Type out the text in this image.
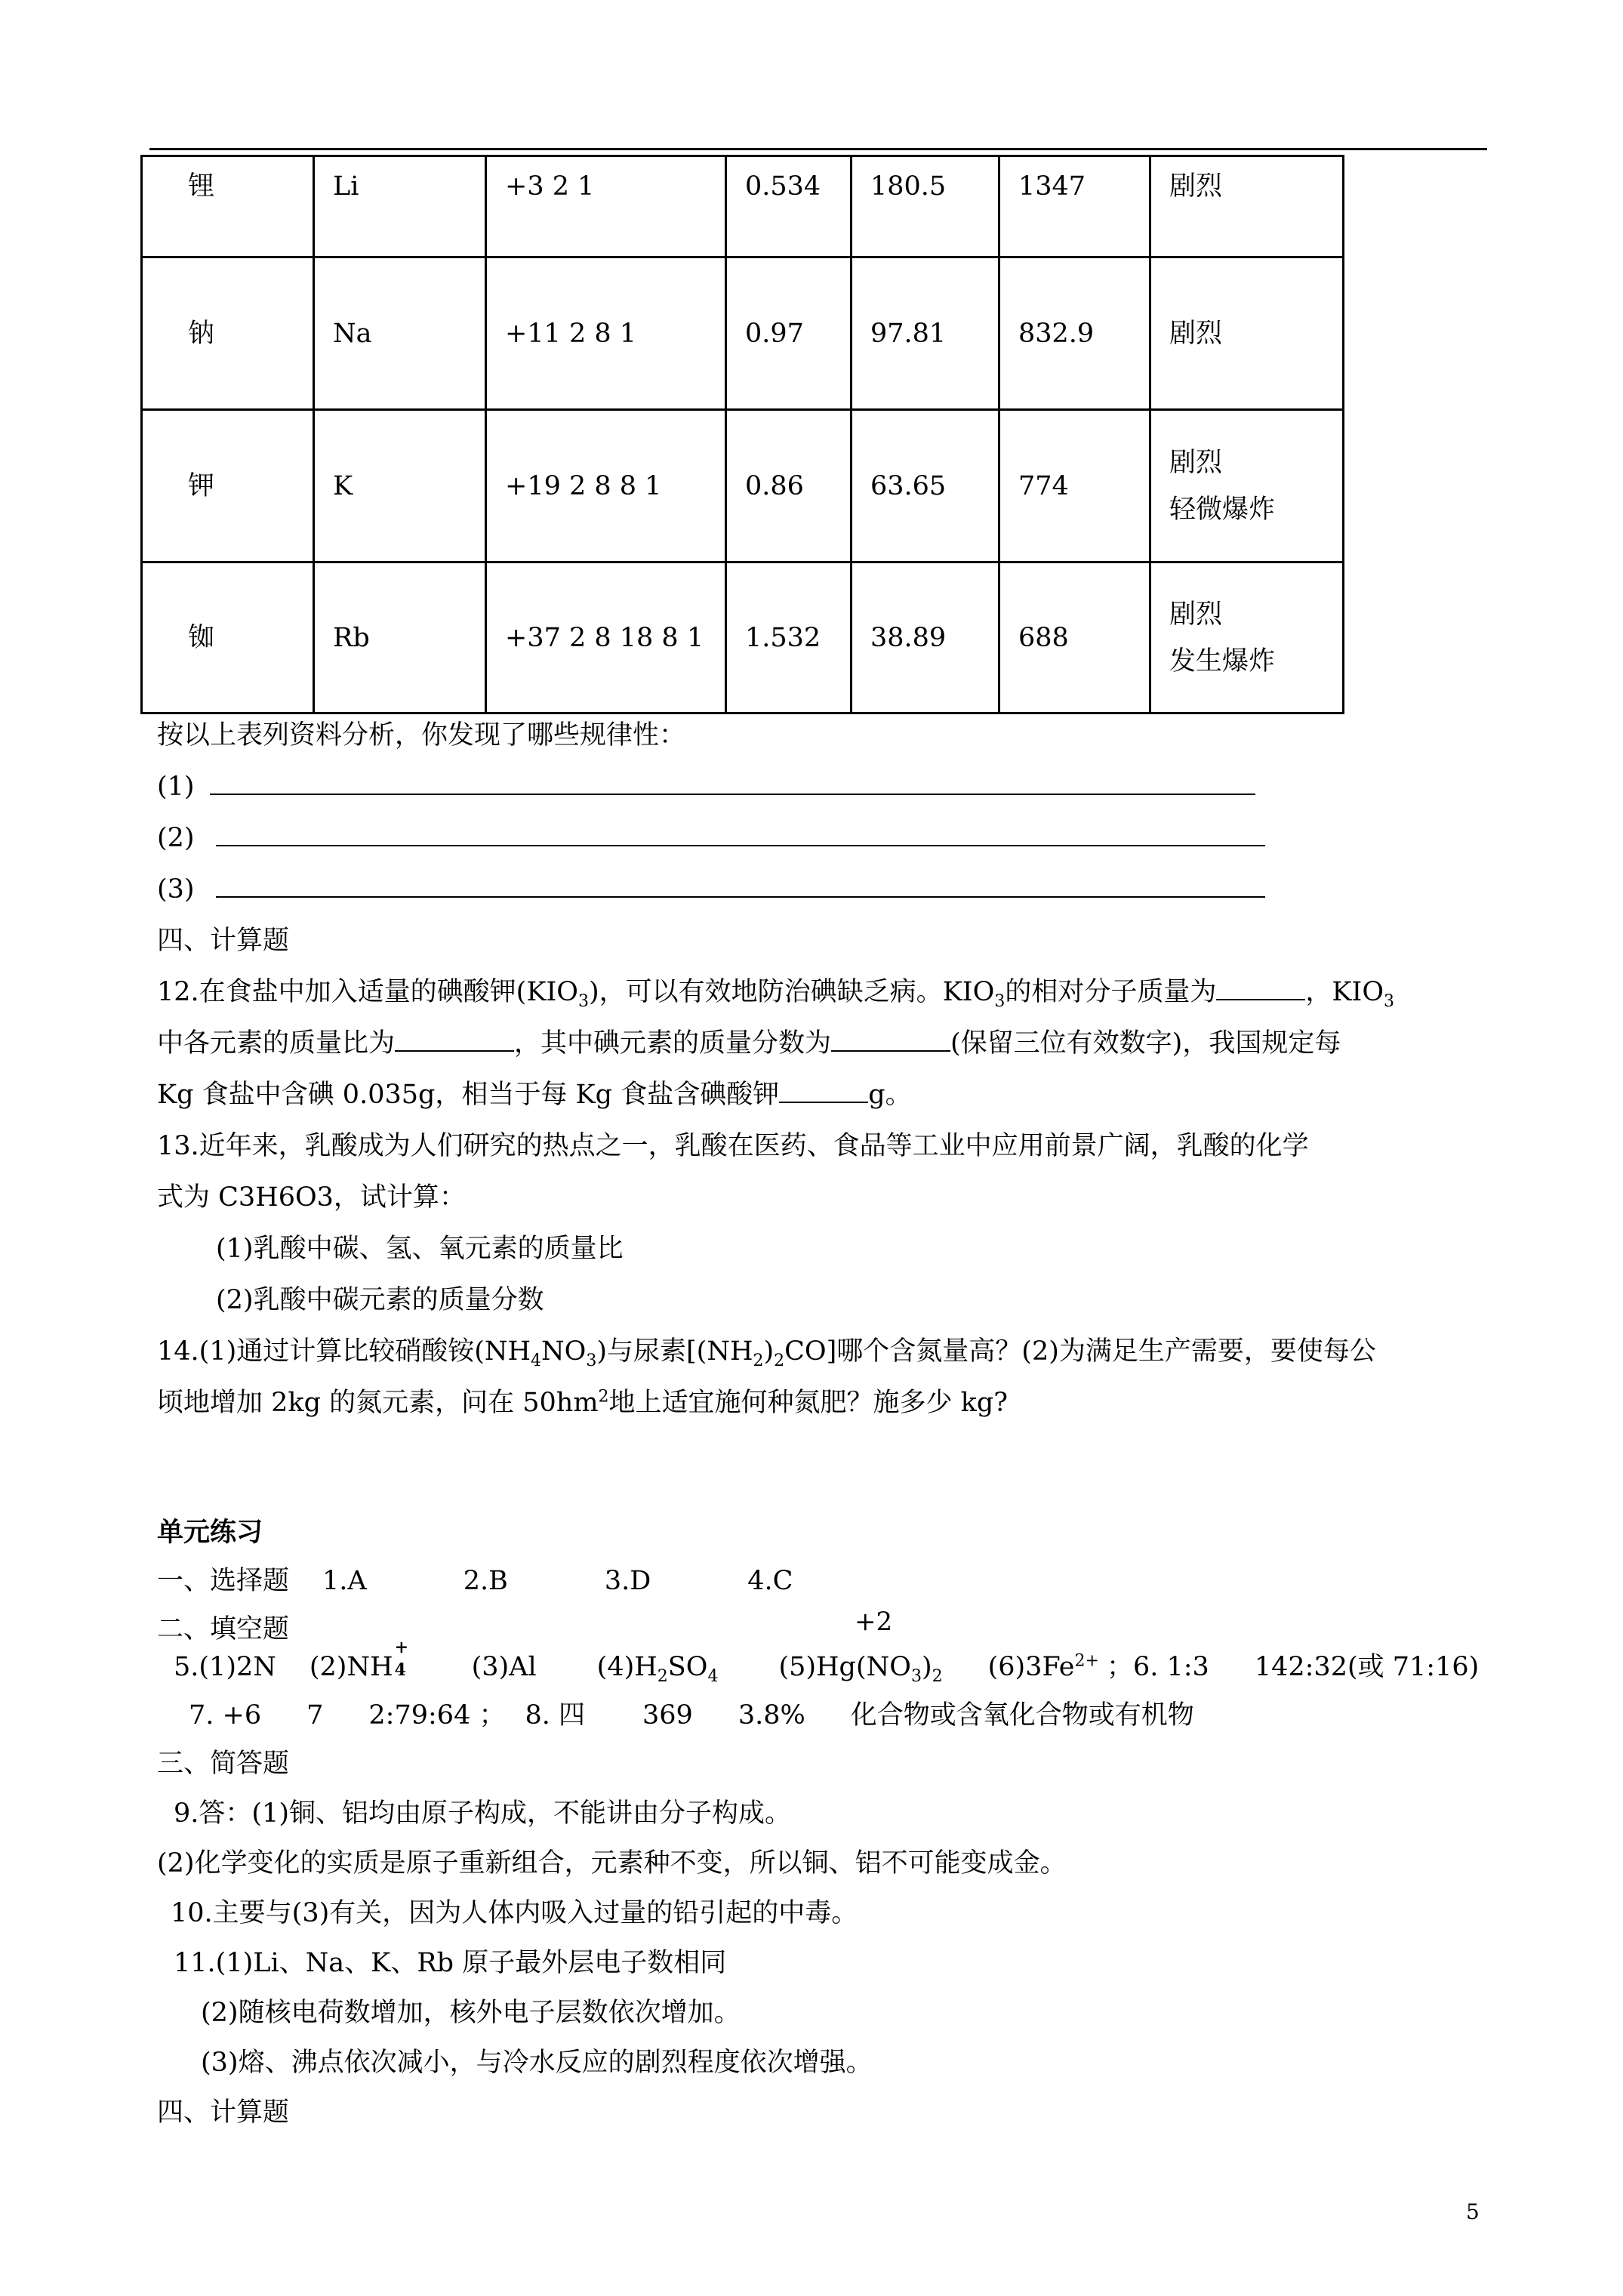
锂	Li	+3 2 1	0.534	180.5	1347	剧烈

钠	Na	+11 2 8 1	0.97	97.81	832.9	剧烈

钾	K	+19 2 8 8 1	0.86	63.65	774	剧烈
轻微爆炸

铷	Rb	+37 2 8 18 8 1	1.532	38.89	688	剧烈
发生爆炸
按以上表列资料分析，你发现了哪些规律性：
(1)
(2)
(3)
四、计算题
12.在食盐中加入适量的碘酸钾$(KIO_3)$，可以有效地防治碘缺乏病。$KIO_3$的相对分子质量为	，$KIO_3$
中各元素的质量比为	，其中碘元素的质量分数为	(保留三位有效数字)，我国规定每
Kg 食盐中含碘 0.035g，相当于每 Kg 食盐含碘酸钾	g。
13.近年来，乳酸成为人们研究的热点之一，乳酸在医药、食品等工业中应用前景广阔，乳酸的化学
式为 C3H6O3，试计算：
(1)乳酸中碳、氢、氧元素的质量比
(2)乳酸中碳元素的质量分数
14.(1)通过计算比较硝酸铵$(NH_4NO_3)$与尿素$[(NH_2)_2CO]$哪个含氮量高？(2)为满足生产需要，要使每公
顷地增加 2kg 的氮元素，问在 $50hm^2$地上适宜施何种氮肥？施多少 kg?
单元练习
一、选择题 1.A	2.B	3.D	4.C
二、填空题	+2
5.(1)2N (2)NH
+
4 (3)Al $(4)H_2SO_4$ $(5)Hg(NO_3)_2$ $(6)3Fe^{2+}$ ；6. 1:3 142:32(或 71:16)
7. +6 7 2:79:64 ； 8. 四 369 3.8% 化合物或含氧化合物或有机物
三、简答题
9.答：(1)铜、铝均由原子构成，不能讲由分子构成。
(2)化学变化的实质是原子重新组合，元素种不变，所以铜、铝不可能变成金。
10.主要与(3)有关，因为人体内吸入过量的铅引起的中毒。
11.(1)Li、Na、K、Rb 原子最外层电子数相同
(2)随核电荷数增加，核外电子层数依次增加。
(3)熔、沸点依次减小，与冷水反应的剧烈程度依次增强。
四、计算题
5
